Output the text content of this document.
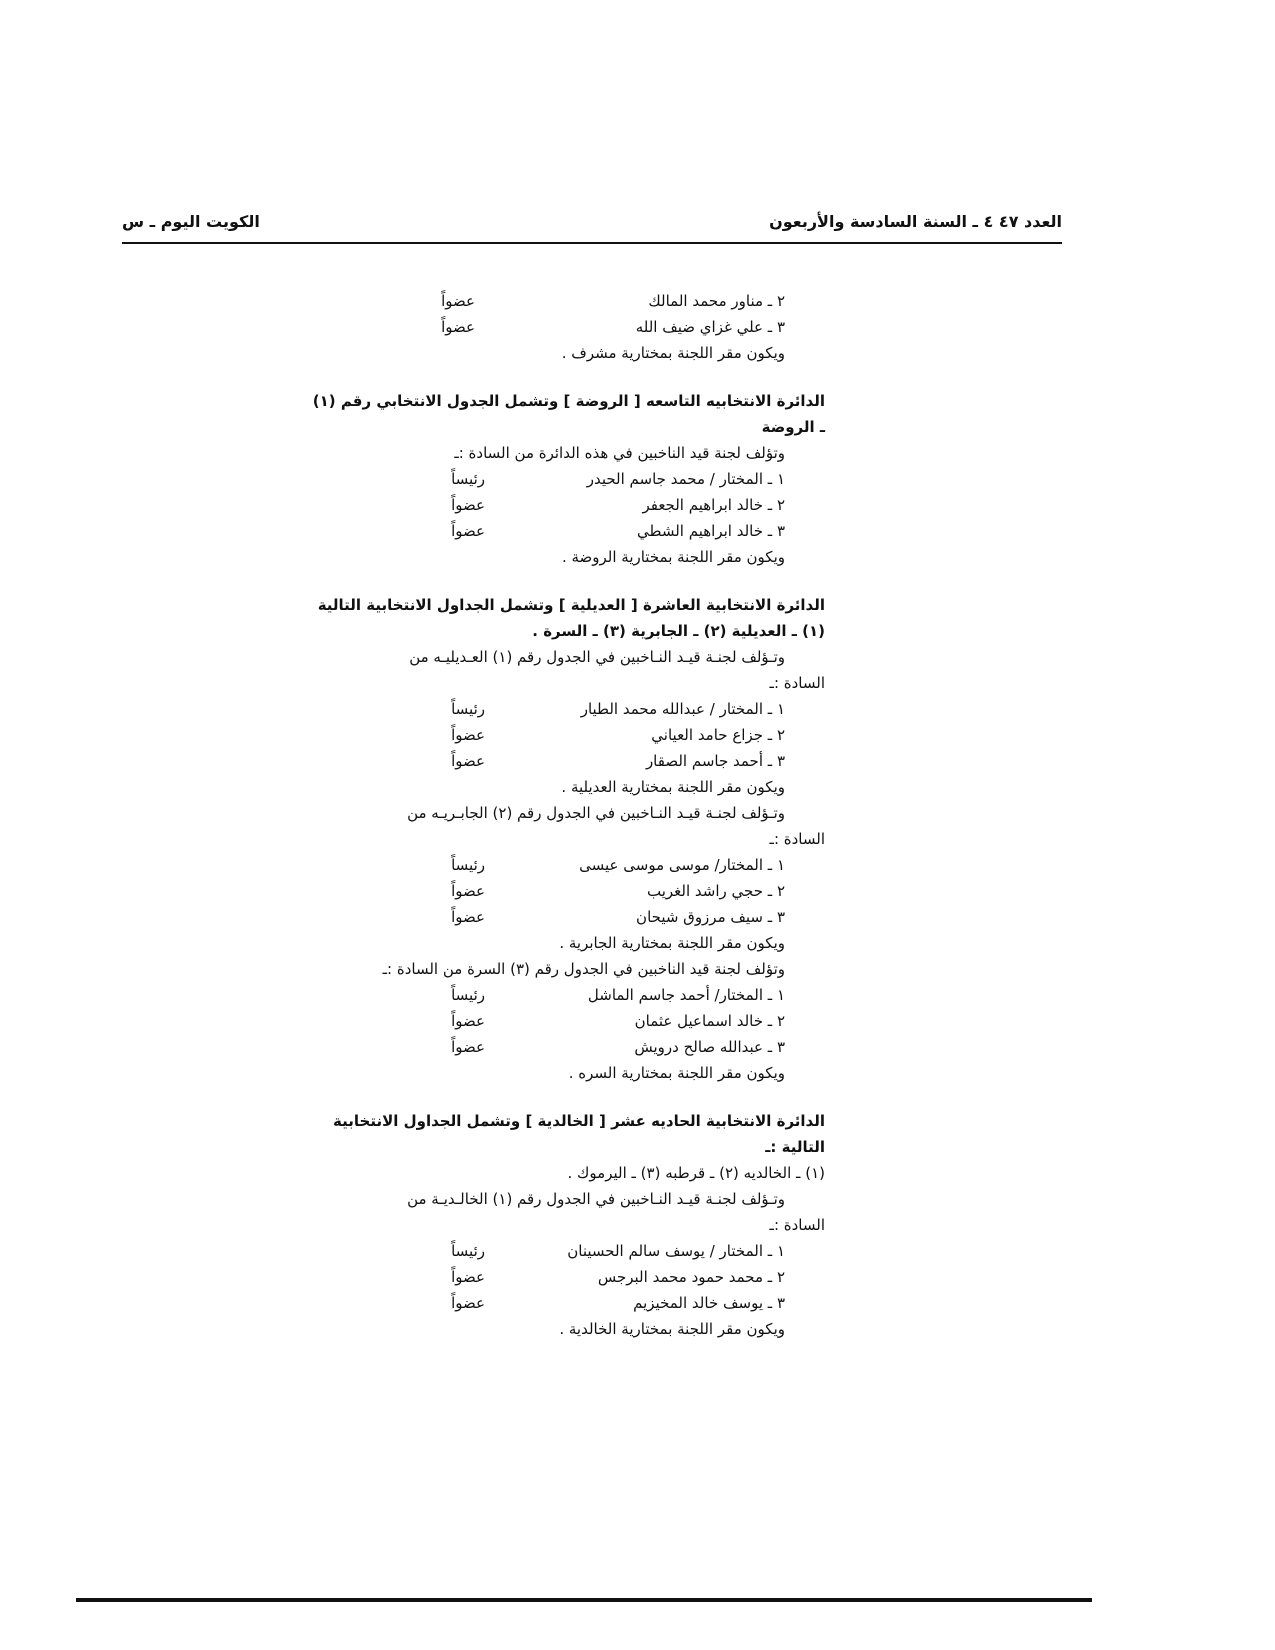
العدد ٤٧‏ ٤ ـ السنة السادسة والأربعون
الكويت اليوم ـ س
٢ ـ مناور محمد المالك
عضواً
٣ ـ علي غزاي ضيف الله
عضواً
ويكون مقر اللجنة بمختارية مشرف .
الدائرة الانتخابيه التاسعه [ الروضة ] وتشمل الجدول الانتخابي رقم (١)
ـ الروضة
وتؤلف لجنة قيد الناخبين في هذه الدائرة من السادة :ـ
١ ـ المختار / محمد جاسم الحيدر
رئيساً
٢ ـ خالد ابراهيم الجعفر
عضواً
٣ ـ خالد ابراهيم الشطي
عضواً
ويكون مقر اللجنة بمختارية الروضة .
الدائرة الانتخابية العاشرة [ العديلية ] وتشمل الجداول الانتخابية التالية
(١) ـ العديلية (٢) ـ الجابرية (٣) ـ السرة .
وتـؤلف لجنـة قيـد النـاخبين في الجدول رقم (١) العـديليـه من
السادة :ـ
١ ـ المختار / عبدالله محمد الطيار
رئيساً
٢ ـ جزاع حامد العياني
عضواً
٣ ـ أحمد جاسم الصقار
عضواً
ويكون مقر اللجنة بمختارية العديلية .
وتـؤلف لجنـة قيـد النـاخبين في الجدول رقم (٢) الجابـريـه من
السادة :ـ
١ ـ المختار/ موسى موسى عيسى
رئيساً
٢ ـ حجي راشد الغريب
عضواً
٣ ـ سيف مرزوق شيحان
عضواً
ويكون مقر اللجنة بمختارية الجابرية .
وتؤلف لجنة قيد الناخبين في الجدول رقم (٣) السرة من السادة :ـ
١ ـ المختار/ أحمد جاسم الماشل
رئيساً
٢ ـ خالد اسماعيل عثمان
عضواً
٣ ـ عبدالله صالح درويش
عضواً
ويكون مقر اللجنة بمختارية السره .
الدائرة الانتخابية الحاديه عشر [ الخالدية ] وتشمل الجداول الانتخابية
التالية :ـ
(١) ـ الخالديه (٢) ـ قرطبه (٣) ـ اليرموك .
وتـؤلف لجنـة قيـد النـاخبين في الجدول رقم (١) الخالـديـة من
السادة :ـ
١ ـ المختار / يوسف سالم الحسينان
رئيساً
٢ ـ محمد حمود محمد البرجس
عضواً
٣ ـ يوسف خالد المخيزيم
عضواً
ويكون مقر اللجنة بمختارية الخالدية .
